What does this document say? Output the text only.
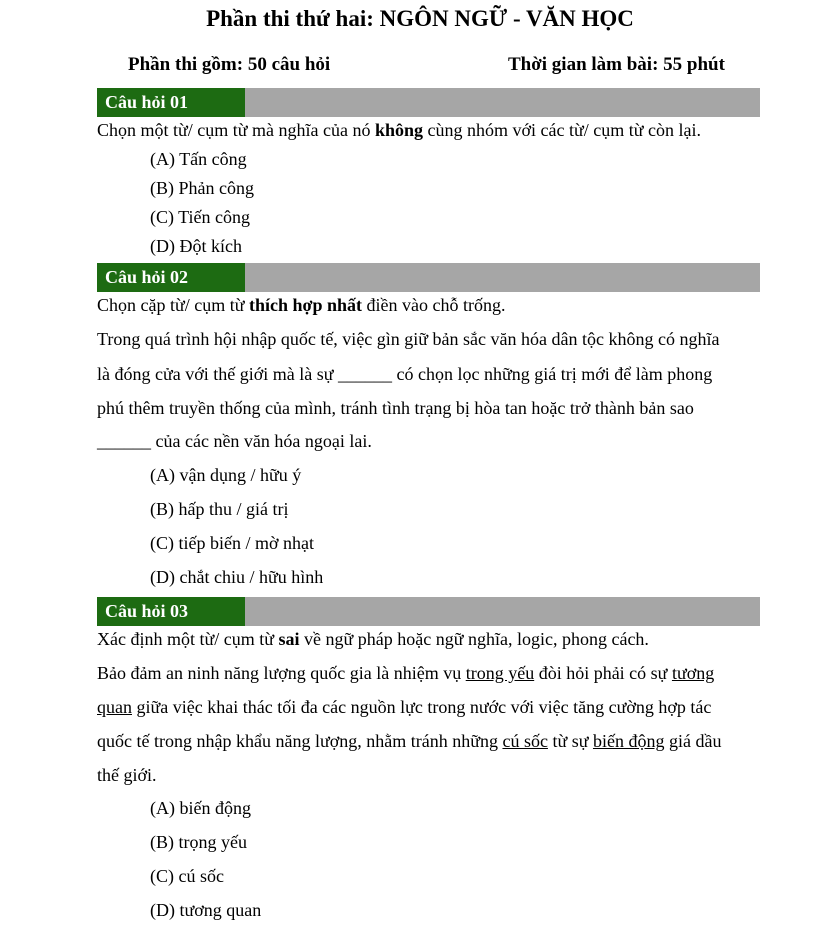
Phần thi thứ hai: NGÔN NGỮ - VĂN HỌC
Phần thi gồm: 50 câu hỏi	Thời gian làm bài: 55 phút
Câu hỏi 01
Chọn một từ/ cụm từ mà nghĩa của nó không cùng nhóm với các từ/ cụm từ còn lại.
(A) Tấn công
(B) Phản công
(C) Tiến công
(D) Đột kích
Câu hỏi 02
Chọn cặp từ/ cụm từ thích hợp nhất điền vào chỗ trống.
Trong quá trình hội nhập quốc tế, việc gìn giữ bản sắc văn hóa dân tộc không có nghĩa
là đóng cửa với thế giới mà là sự ______ có chọn lọc những giá trị mới để làm phong
phú thêm truyền thống của mình, tránh tình trạng bị hòa tan hoặc trở thành bản sao
______ của các nền văn hóa ngoại lai.
(A) vận dụng / hữu ý
(B) hấp thu / giá trị
(C) tiếp biến / mờ nhạt
(D) chắt chiu / hữu hình
Câu hỏi 03
Xác định một từ/ cụm từ sai về ngữ pháp hoặc ngữ nghĩa, logic, phong cách.
Bảo đảm an ninh năng lượng quốc gia là nhiệm vụ trong yếu đòi hỏi phải có sự tương
quan giữa việc khai thác tối đa các nguồn lực trong nước với việc tăng cường hợp tác
quốc tế trong nhập khẩu năng lượng, nhằm tránh những cú sốc từ sự biến động giá dầu
thế giới.
(A) biến động
(B) trọng yếu
(C) cú sốc
(D) tương quan
